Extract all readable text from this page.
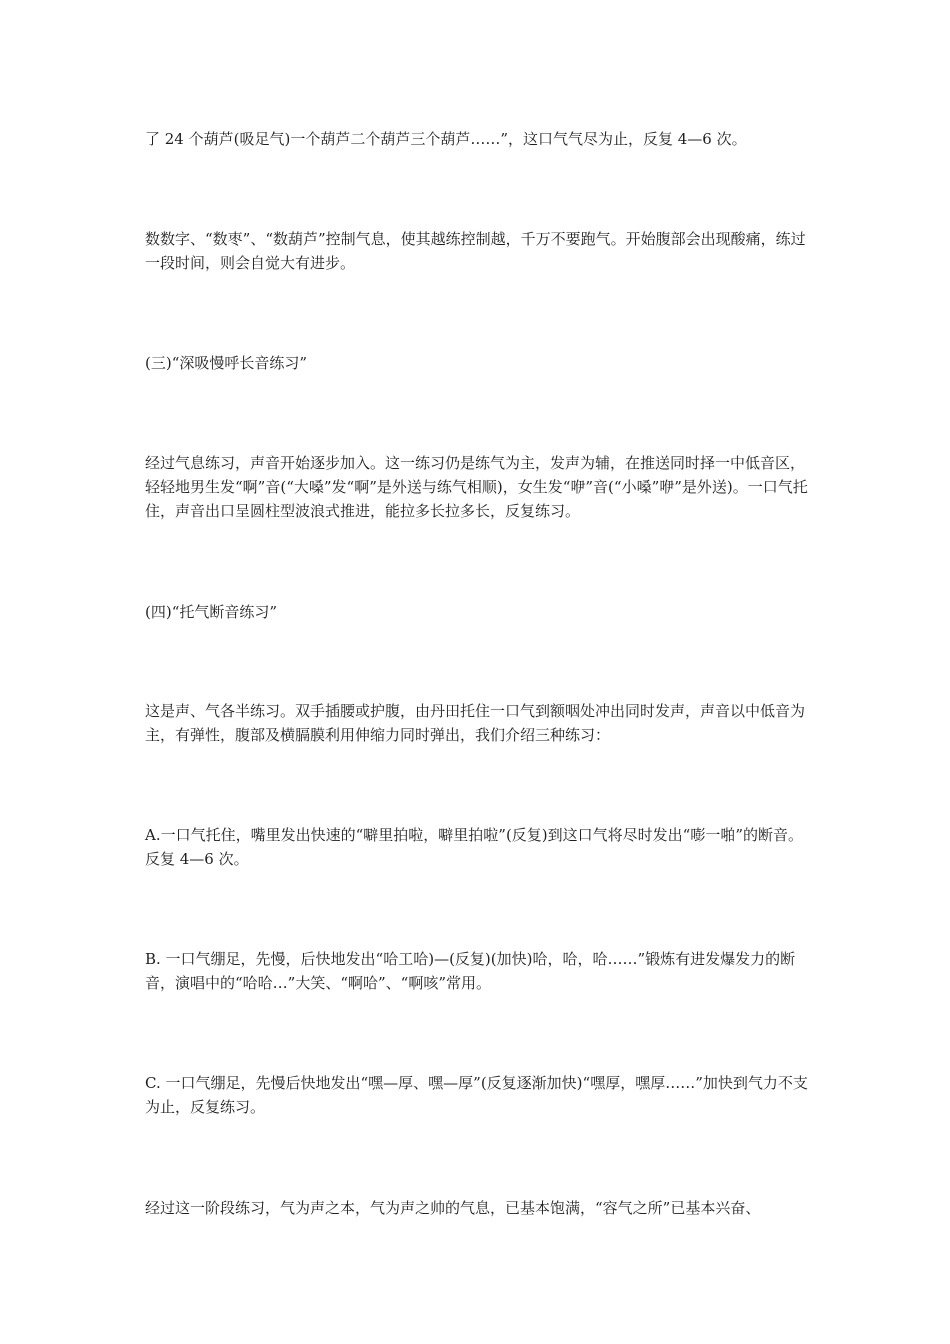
了 24 个葫芦(吸足气)一个葫芦二个葫芦三个葫芦……”，这口气气尽为止，反复 4—6 次。

数数字、“数枣”、“数葫芦”控制气息，使其越练控制越，千万不要跑气。开始腹部会出现酸痛，练过一段时间，则会自觉大有进步。

(三)“深吸慢呼长音练习”

经过气息练习，声音开始逐步加入。这一练习仍是练气为主，发声为辅，在推送同时择一中低音区，轻轻地男生发“啊”音(“大嗓”发“啊”是外送与练气相顺)，女生发“咿”音(“小嗓”咿”是外送)。一口气托住，声音出口呈圆柱型波浪式推进，能拉多长拉多长，反复练习。

(四)“托气断音练习”

这是声、气各半练习。双手插腰或护腹，由丹田托住一口气到额咽处冲出同时发声，声音以中低音为主，有弹性，腹部及横膈膜利用伸缩力同时弹出，我们介绍三种练习：

A.一口气托住，嘴里发出快速的“噼里拍啦，噼里拍啦”(反复)到这口气将尽时发出“嘭一啪”的断音。反复 4—6 次。

B. 一口气绷足，先慢，后快地发出“哈工哈)—(反复)(加快)哈，哈，哈……”锻炼有进发爆发力的断音，演唱中的“哈哈…”大笑、“啊哈”、“啊咳”常用。

C. 一口气绷足，先慢后快地发出“嘿—厚、嘿—厚”(反复逐渐加快)“嘿厚，嘿厚……”加快到气力不支为止，反复练习。

经过这一阶段练习，气为声之本，气为声之帅的气息，已基本饱满，“容气之所”已基本兴奋、
